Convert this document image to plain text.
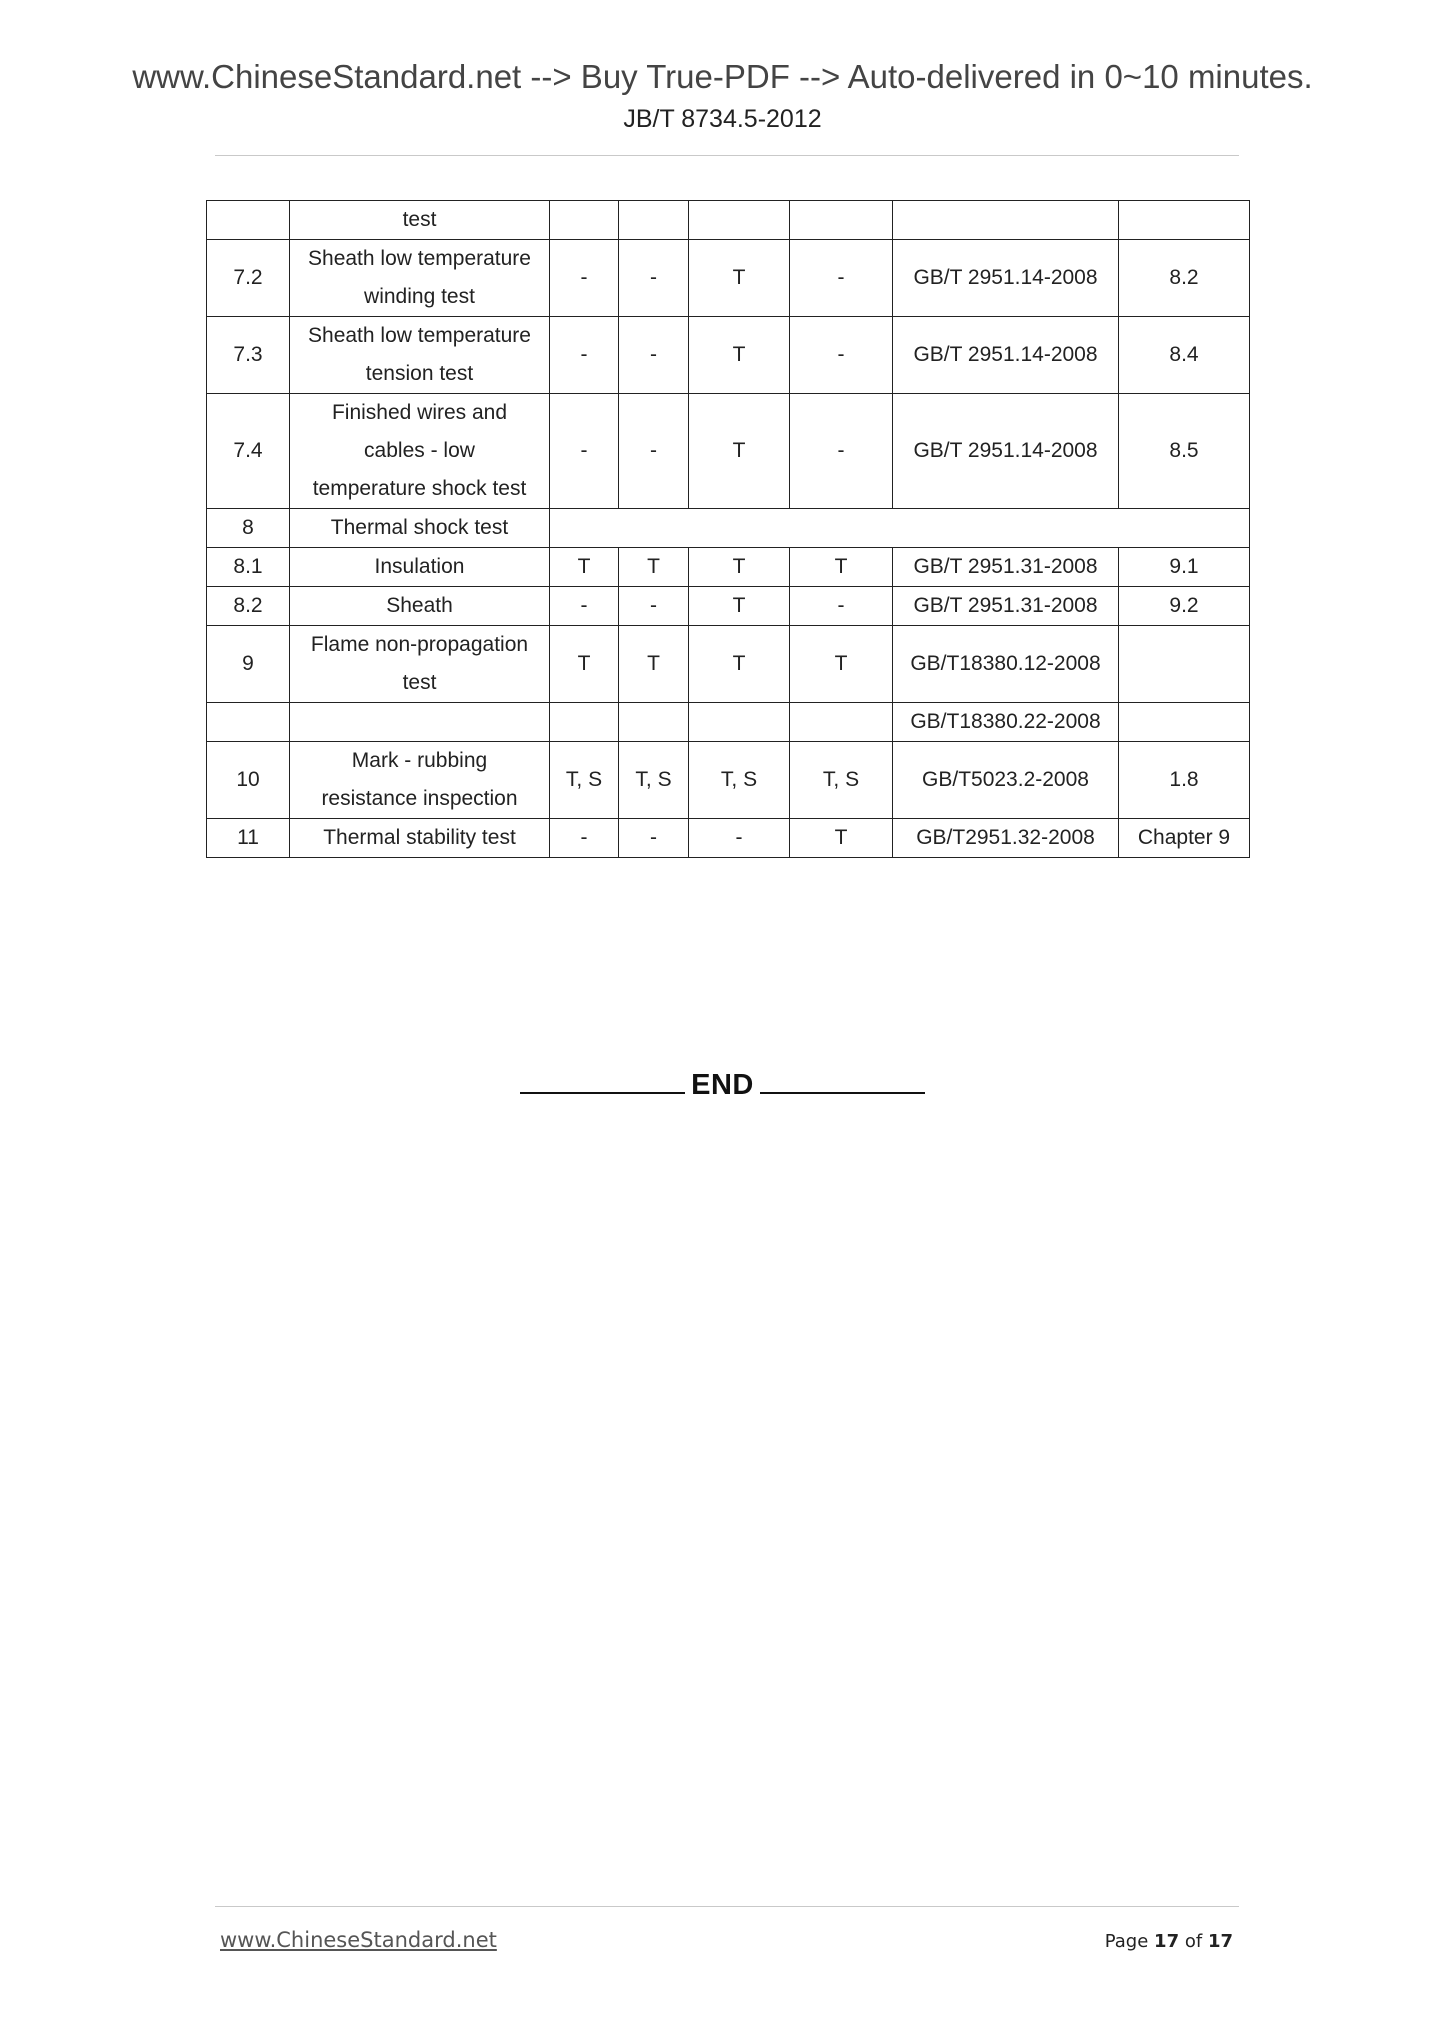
www.ChineseStandard.net --> Buy True-PDF --> Auto-delivered in 0~10 minutes.
JB/T 8734.5-2012

	test						

7.2	Sheath low temperature
winding test	-	-	T	-	GB/T 2951.14-2008	8.2
7.3	Sheath low temperature
tension test	-	-	T	-	GB/T 2951.14-2008	8.4
7.4	Finished wires and
cables - low
temperature shock test	-	-	T	-	GB/T 2951.14-2008	8.5
8	Thermal shock test						

8.1	Insulation	T	T	T	T	GB/T 2951.31-2008	9.1
8.2	Sheath	-	-	T	-	GB/T 2951.31-2008	9.2
9	Flame non-propagation
test	T	T	T	T	GB/T18380.12-2008	

					GB/T18380.22-2008	
10	Mark - rubbing
resistance inspection	T, S	T, S	T, S	T, S	GB/T5023.2-2008	1.8
11	Thermal stability test	-	-	-	T	GB/T2951.32-2008	Chapter 9
END
www.ChineseStandard.net	Page 17 of 17
